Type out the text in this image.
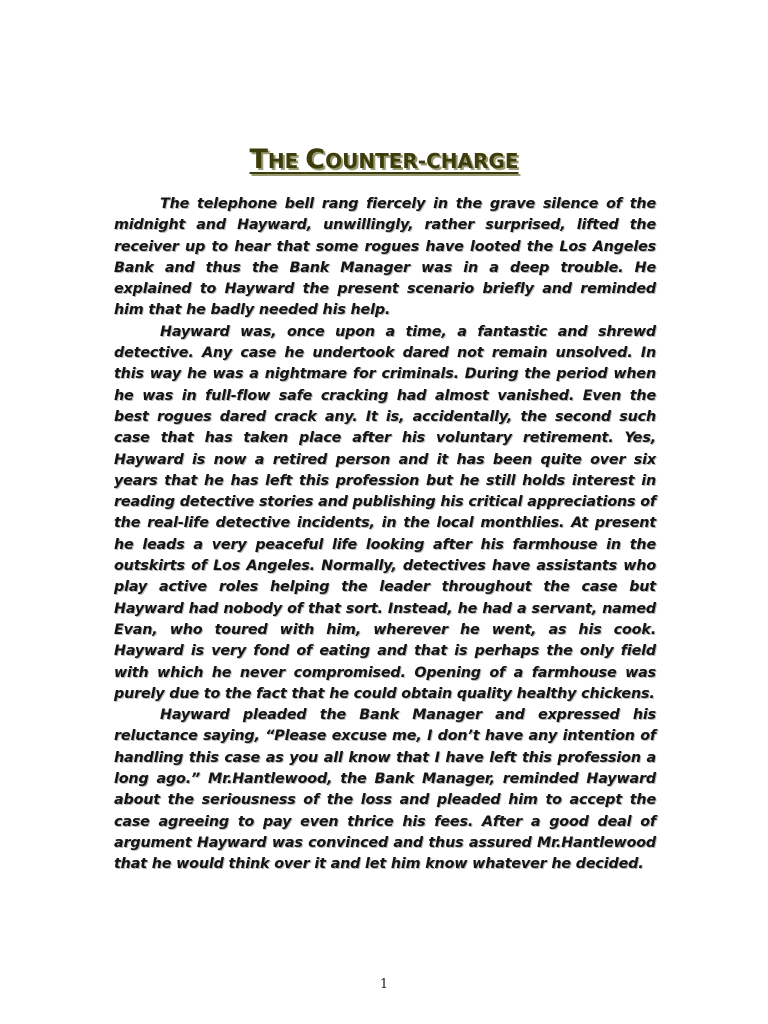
THE COUNTER-CHARGE

The telephone bell rang fiercely in the grave silence of the midnight and Hayward, unwillingly, rather surprised, lifted the receiver up to hear that some rogues have looted the Los Angeles Bank and thus the Bank Manager was in a deep trouble. He explained to Hayward the present scenario briefly and reminded him that he badly needed his help.

Hayward was, once upon a time, a fantastic and shrewd detective. Any case he undertook dared not remain unsolved. In this way he was a nightmare for criminals. During the period when he was in full-flow safe cracking had almost vanished. Even the best rogues dared crack any. It is, accidentally, the second such case that has taken place after his voluntary retirement. Yes, Hayward is now a retired person and it has been quite over six years that he has left this profession but he still holds interest in reading detective stories and publishing his critical appreciations of the real-life detective incidents, in the local monthlies. At present he leads a very peaceful life looking after his farmhouse in the outskirts of Los Angeles. Normally, detectives have assistants who play active roles helping the leader throughout the case but Hayward had nobody of that sort. Instead, he had a servant, named Evan, who toured with him, wherever he went, as his cook. Hayward is very fond of eating and that is perhaps the only field with which he never compromised. Opening of a farmhouse was purely due to the fact that he could obtain quality healthy chickens.

Hayward pleaded the Bank Manager and expressed his reluctance saying, “Please excuse me, I don’t have any intention of handling this case as you all know that I have left this profession a long ago.” Mr.Hantlewood, the Bank Manager, reminded Hayward about the seriousness of the loss and pleaded him to accept the case agreeing to pay even thrice his fees. After a good deal of argument Hayward was convinced and thus assured Mr.Hantlewood that he would think over it and let him know whatever he decided.

1
